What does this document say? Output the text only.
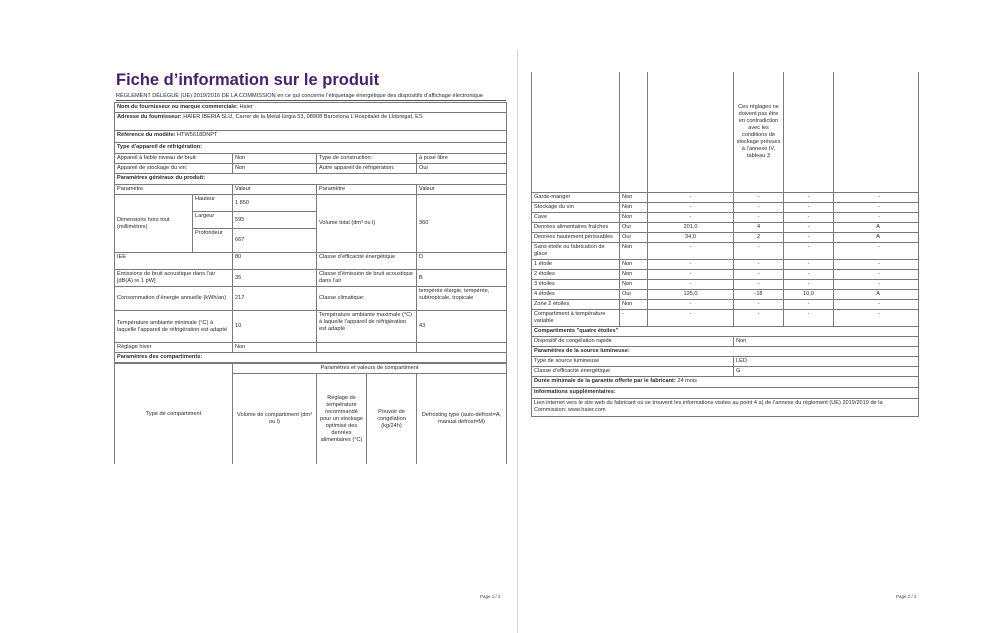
Fiche d’information sur le produit
RÈGLEMENT DÉLÉGUÉ (UE) 2019/2016 DE LA COMMISSION en ce qui concerne l’étiquetage énergétique des dispositifs d’affichage électronique
Nom du fournisseur ou marque commerciale: Haier				
Adresse du fournisseur: HAIER IBERIA SLU, Carrer de la Metal·lúrgia 53, 08908 Barcelona L’Hospitalet de Llobregat, ES				
Référence du modèle: HTW5618DNPT				
Type d’appareil de réfrigération:				
Appareil à faible niveau de bruit:		Non	Type de construction:	à pose libre
Appareil de stockage du vin:		Non	Autre appareil de réfrigération:	Oui
Paramètres généraux du produit:				
Paramètre		Valeur	Paramètre	Valeur
Dimensions hors tout (millimètres)	Hauteur	1 850	Volume total (dm³ ou l)	360
	Largeur	595		
	Profondeur	667		
IEE		80	Classe d’efficacité énergétique	D
Émissions de bruit acoustique dans l’air [dB(A) re 1 pW]		35	Classe d’émission de bruit acoustique dans l’air	B
Consommation d’énergie annuelle (kWh/an)		217	Classe climatique:	tempérée élargie, tempérée, subtropicale, tropicale
Température ambiante minimale (°C) à laquelle l’appareil de réfrigération est adapté		10	Température ambiante maximale (°C) à laquelle l’appareil de réfrigération est adapté	43
Réglage hiver		Non		
Paramètres des compartiments:				
Type de compartiment	Paramètres et valeurs de compartiment			
	Volume de compartiment (dm³ ou l)	Réglage de température recommandé pour un stockage optimisé des denrées alimentaires (°C)	Pouvoir de congélation (kg/24h)	Defrosting type (auto-defrost=A, manual defrost=M)
Page 1 / 2
			Ces réglages ne doivent pas être en contradiction avec les conditions de stockage prévues à l’annexe IV, tableau 3		
Garde-manger	Non	-	-	-	-
Stockage du vin	Non	-	-	-	-
Cave	Non	-	-	-	-
Denrées alimentaires fraîches	Oui	201,0	4	-	A
Denrées hautement périssables	Oui	34,0	2	-	A
Sans étoile ou fabrication de glace	Non	-	-	-	-
1 étoile	Non	-	-	-	-
2 étoiles	Non	-	-	-	-
3 étoiles	Non	-	-	-	-
4 étoiles	Oui	125,0	-18	10,0	A
Zone 2 étoiles	Non	-	-	-	-
Compartiment à température variable	-	-	-	-	-
Compartiments "quatre étoiles"	
Dispositif de congélation rapide	Non
Paramètres de la source lumineuse:	
Type de source lumineuse	LED
Classe d’efficacité énergétique	G
Durée minimale de la garantie offerte par le fabricant: 24 mois	
Informations supplémentaires:	
Lien internet vers le site web du fabricant où se trouvent les informations visées au point 4 a) de l’annexe du règlement (UE) 2019/2019 de la Commission: www.haier.com	
Page 2 / 2
